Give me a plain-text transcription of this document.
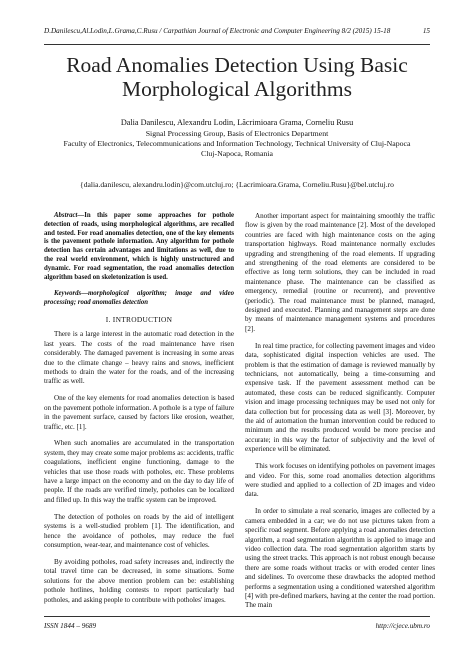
D.Danilescu,Al.Lodin,L.Grama,C.Rusu / Carpathian Journal of Electronic and Computer Engineering 8/2 (2015) 15-18	15
Road Anomalies Detection Using Basic
Morphological Algorithms
Dalia Danilescu, Alexandru Lodin, Lăcrimioara Grama, Corneliu Rusu
Signal Processing Group, Basis of Electronics Department
Faculty of Electronics, Telecommunications and Information Technology, Technical University of Cluj-Napoca
Cluj-Napoca, Romania
{dalia.danilescu, alexandru.lodin}@com.utcluj.ro; {Lacrimioara.Grama, Corneliu.Rusu}@bel.utcluj.ro

Abstract—In this paper some approaches for pothole detection of roads, using morphological algorithms, are recalled and tested. For road anomalies detection, one of the key elements is the pavement pothole information. Any algorithm for pothole detection has certain advantages and limitations as well, due to the real world environment, which is highly unstructured and dynamic. For road segmentation, the road anomalies detection algorithm based on skeletonization is used.

Keywords—morphological algorithm; image and video processing; road anomalies detection

I. INTRODUCTION

There is a large interest in the automatic road detection in the last years. The costs of the road maintenance have risen considerably. The damaged pavement is increasing in some areas due to the climate change – heavy rains and snows, inefficient methods to drain the water for the roads, and of the increasing traffic as well.

One of the key elements for road anomalies detection is based on the pavement pothole information. A pothole is a type of failure in the pavement surface, caused by factors like erosion, weather, traffic, etc. [1].

When such anomalies are accumulated in the transportation system, they may create some major problems as: accidents, traffic coagulations, inefficient engine functioning, damage to the vehicles that use those roads with potholes, etc. These problems have a large impact on the economy and on the day to day life of people. If the roads are verified timely, potholes can be localized and filled up. In this way the traffic system can be improved.

The detection of potholes on roads by the aid of intelligent systems is a well-studied problem [1]. The identification, and hence the avoidance of potholes, may reduce the fuel consumption, wear-tear, and maintenance cost of vehicles.

By avoiding potholes, road safety increases and, indirectly the total travel time can be decreased, in some situations. Some solutions for the above mention problem can be: establishing pothole hotlines, holding contests to report particularly bad potholes, and asking people to contribute with potholes' images.

Another important aspect for maintaining smoothly the traffic flow is given by the road maintenance [2]. Most of the developed countries are faced with high maintenance costs on the aging transportation highways. Road maintenance normally excludes upgrading and strengthening of the road elements. If upgrading and strengthening of the road elements are considered to be effective as long term solutions, they can be included in road maintenance phase. The maintenance can be classified as emergency, remedial (routine or recurrent), and preventive (periodic). The road maintenance must be planned, managed, designed and executed. Planning and management steps are done by means of maintenance management systems and procedures [2].

In real time practice, for collecting pavement images and video data, sophisticated digital inspection vehicles are used. The problem is that the estimation of damage is reviewed manually by technicians, not automatically, being a time-consuming and expensive task. If the pavement assessment method can be automated, these costs can be reduced significantly. Computer vision and image processing techniques may be used not only for data collection but for processing data as well [3]. Moreover, by the aid of automation the human intervention could be reduced to minimum and the results produced would be more precise and accurate; in this way the factor of subjectivity and the level of experience will be eliminated.

This work focuses on identifying potholes on pavement images and video. For this, some road anomalies detection algorithms were studied and applied to a collection of 2D images and video data.

In order to simulate a real scenario, images are collected by a camera embedded in a car; we do not use pictures taken from a specific road segment. Before applying a road anomalies detection algorithm, a road segmentation algorithm is applied to image and video collection data. The road segmentation algorithm starts by using the street tracks. This approach is not robust enough because there are some roads without tracks or with eroded center lines and sidelines. To overcome these drawbacks the adopted method performs a segmentation using a conditioned watershed algorithm [4] with pre-defined markers, having at the center the road portion. The main

ISSN 1844 – 9689	http://cjece.ubm.ro
